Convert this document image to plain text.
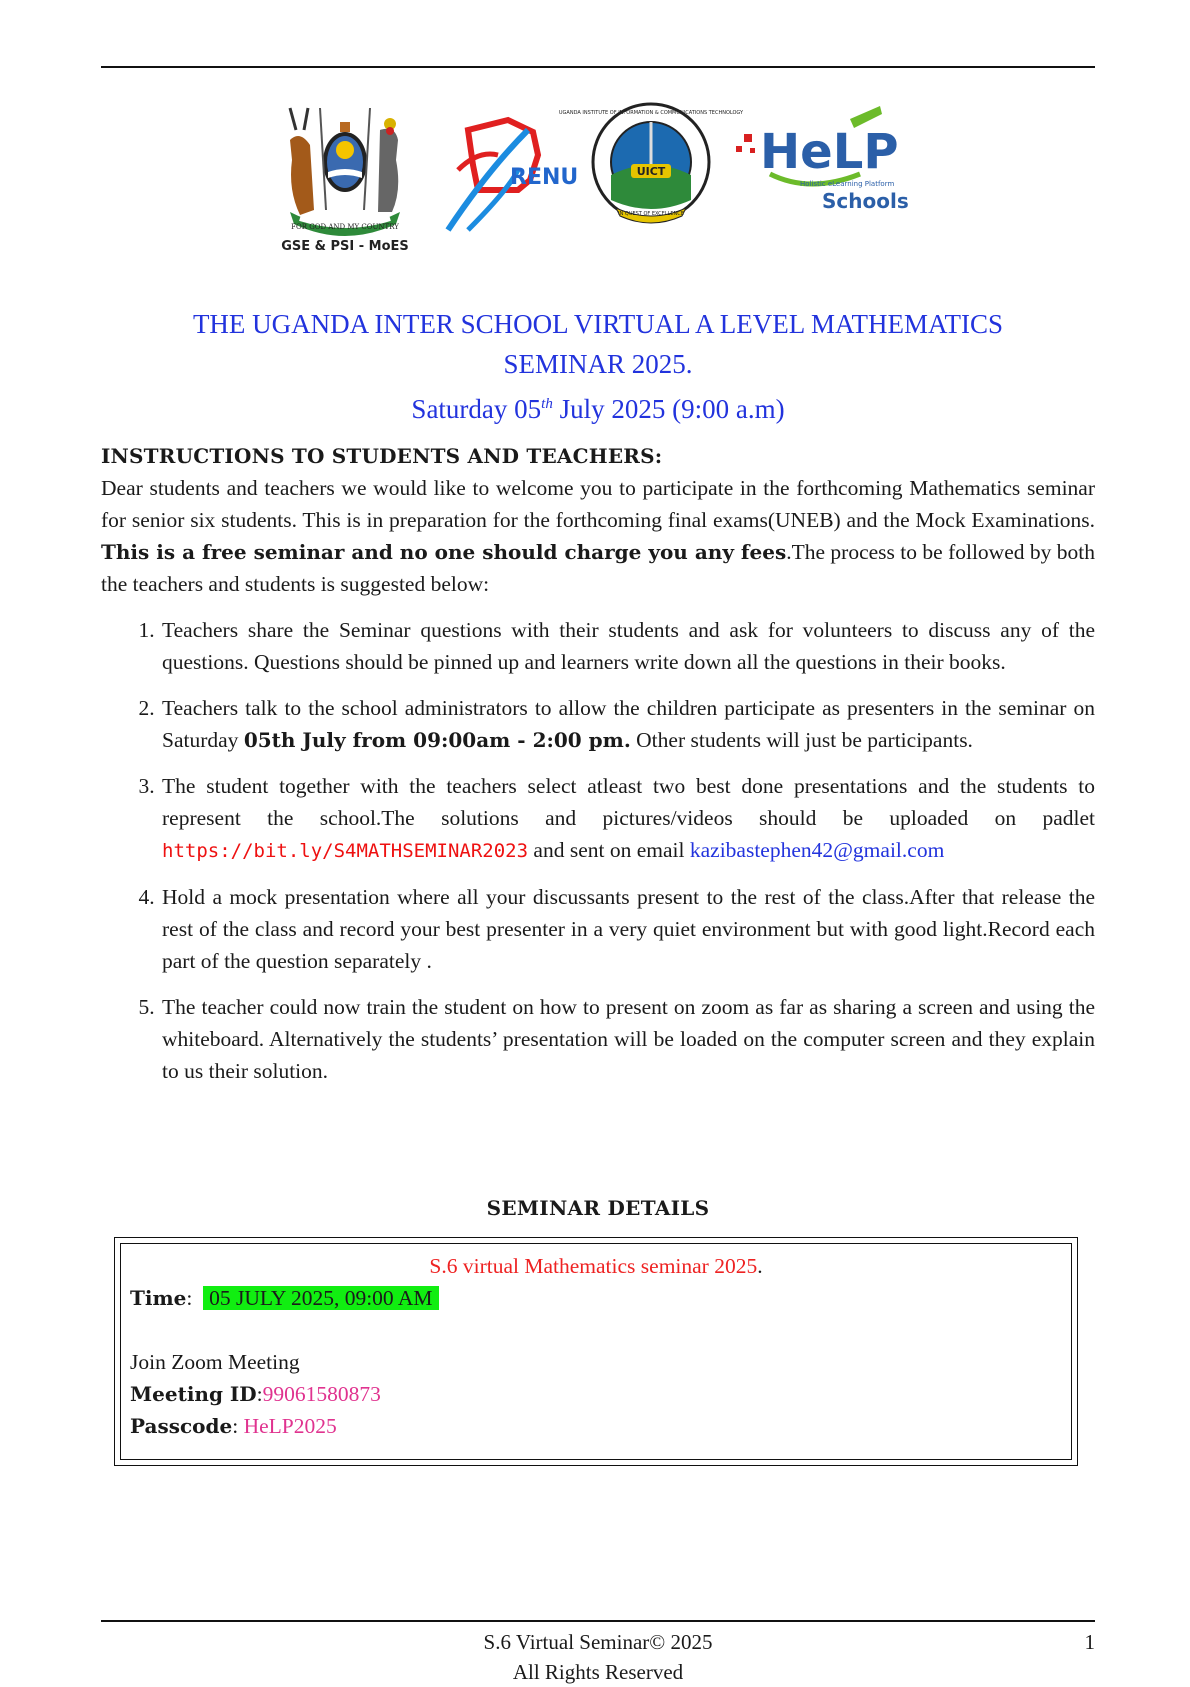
FOR GOD AND MY COUNTRY
GSE & PSI - MoES
RENU	UICT
IN QUEST OF EXCELLENCE
UGANDA INSTITUTE OF INFORMATION & COMMUNICATIONS TECHNOLOGY
HeLP
Holistic eLearning Platform
Schools
THE UGANDA INTER SCHOOL VIRTUAL A LEVEL MATHEMATICS
SEMINAR 2025.
Saturday 05th July 2025 (9:00 a.m)
INSTRUCTIONS TO STUDENTS AND TEACHERS:

Dear students and teachers we would like to welcome you to participate in the forthcoming Mathematics seminar for senior six students. This is in preparation for the forthcoming final exams(UNEB) and the Mock Examinations. This is a free seminar and no one should charge you any fees.The process to be followed by both the teachers and students is suggested below:

1. Teachers share the Seminar questions with their students and ask for volunteers to discuss any of the questions. Questions should be pinned up and learners write down all the questions in their books.
2. Teachers talk to the school administrators to allow the children participate as presenters in the seminar on Saturday 05th July from 09:00am - 2:00 pm. Other students will just be participants.
3. The student together with the teachers select atleast two best done presentations and the students to represent the school.The solutions and pictures/videos should be uploaded on padlet https://bit.ly/S4MATHSEMINAR2023 and sent on email kazibastephen42@gmail.com
4. Hold a mock presentation where all your discussants present to the rest of the class.After that release the rest of the class and record your best presenter in a very quiet environment but with good light.Record each part of the question separately .
5. The teacher could now train the student on how to present on zoom as far as sharing a screen and using the whiteboard. Alternatively the students’ presentation will be loaded on the computer screen and they explain to us their solution.
SEMINAR DETAILS
S.6 virtual Mathematics seminar 2025.
Time:  05 JULY 2025, 09:00 AM
Join Zoom Meeting
Meeting ID:99061580873
Passcode: HeLP2025
S.6 Virtual Seminar© 2025
All Rights Reserved
1
